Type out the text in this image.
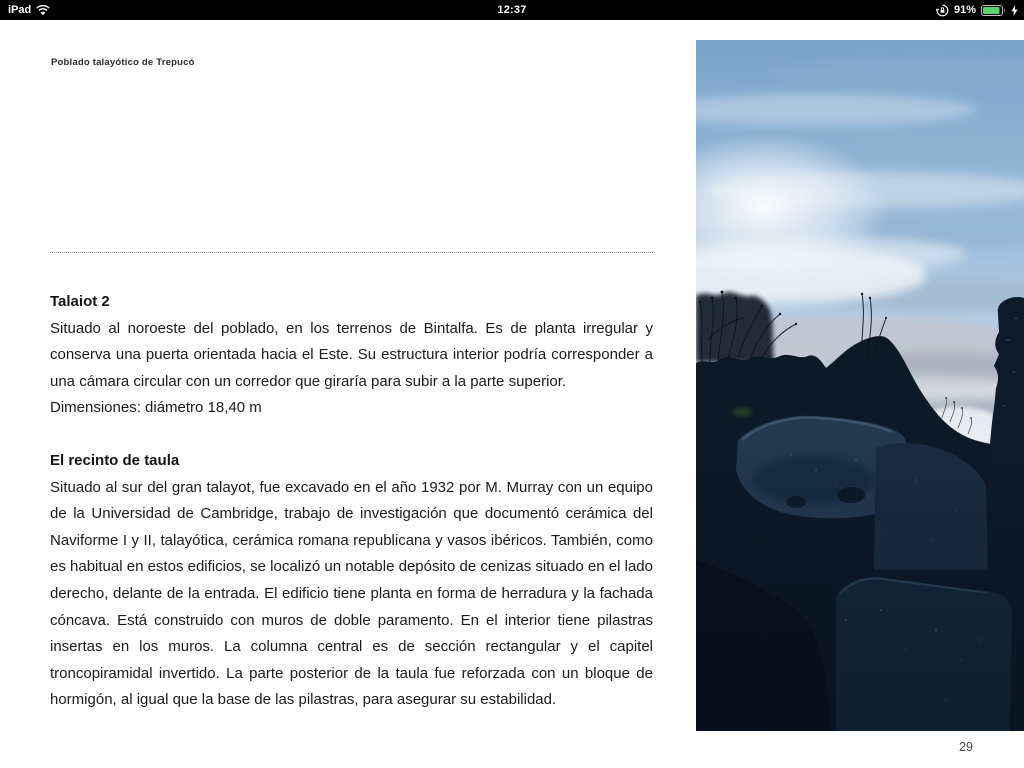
iPad	12:37	91%
Poblado talayótico de Trepucó
Talaiot 2
Situado al noroeste del poblado, en los terrenos de Bintalfa. Es de planta irregular y conserva una puerta orientada hacia el Este. Su estructura interior podría corresponder a una cámara circular con un corredor que giraría para subir a la parte superior.
Dimensiones: diámetro 18,40 m
El recinto de taula
Situado al sur del gran talayot, fue excavado en el año 1932 por M. Murray con un equipo de la Universidad de Cambridge, trabajo de investigación que documentó cerámica del Naviforme I y II, talayótica, cerámica romana republicana y vasos ibéricos. También, como es habitual en estos edificios, se localizó un notable depósito de cenizas situado en el lado derecho, delante de la entrada. El edificio tiene planta en forma de herradura y la fachada cóncava. Está construido con muros de doble paramento. En el interior tiene pilastras insertas en los muros. La columna central es de sección rectangular y el capitel troncopiramidal invertido. La parte posterior de la taula fue reforzada con un bloque de hormigón, al igual que la base de las pilastras, para asegurar su estabilidad.
29
